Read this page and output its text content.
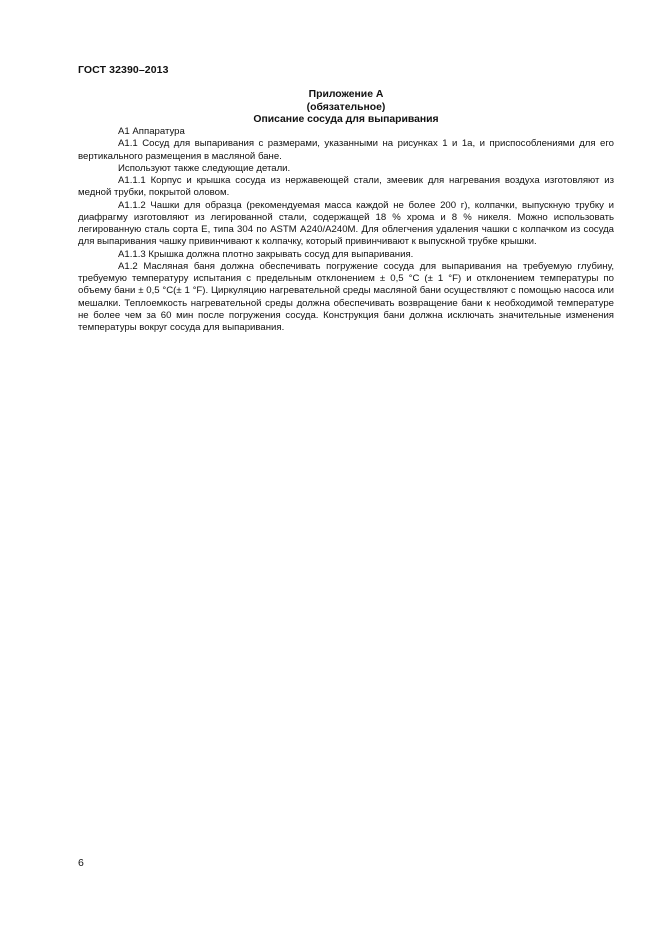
ГОСТ 32390–2013
Приложение А
(обязательное)
Описание сосуда для выпаривания

А1 Аппаратура

А1.1 Сосуд для выпаривания с размерами, указанными на рисунках 1 и 1а, и приспособлениями для его вертикального размещения в масляной бане.

Используют также следующие детали.

А1.1.1 Корпус и крышка сосуда из нержавеющей стали, змеевик для нагревания воздуха изготовляют из медной трубки, покрытой оловом.

А1.1.2 Чашки для образца (рекомендуемая масса каждой не более 200 г), колпачки, выпускную трубку и диафрагму изготовляют из легированной стали, содержащей 18 % хрома и 8 % никеля. Можно использовать легированную сталь сорта Е, типа 304 по ASTM А240/А240М. Для облегчения удаления чашки с колпачком из сосуда для выпаривания чашку привинчивают к колпачку, который привинчивают к выпускной трубке крышки.

А1.1.3 Крышка должна плотно закрывать сосуд для выпаривания.

А1.2 Масляная баня должна обеспечивать погружение сосуда для выпаривания на требуемую глубину, требуемую температуру испытания с предельным отклонением ± 0,5 °С (± 1 °F) и отклонением температуры по объему бани ± 0,5 °С(± 1 °F). Циркуляцию нагревательной среды масляной бани осуществляют с помощью насоса или мешалки. Теплоемкость нагревательной среды должна обеспечивать возвращение бани к необходимой температуре не более чем за 60 мин после погружения сосуда. Конструкция бани должна исключать значительные изменения температуры вокруг сосуда для выпаривания.

6
